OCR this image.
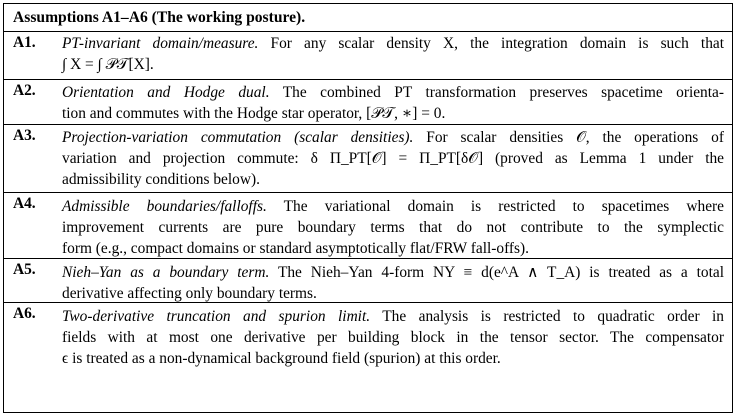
Assumptions A1–A6 (The working posture).
A1. PT-invariant domain/measure. For any scalar density X, the integration domain is such that
∫ X = ∫ 𝒫𝒯[X].
A2. Orientation and Hodge dual. The combined PT transformation preserves spacetime orienta-
tion and commutes with the Hodge star operator, [𝒫𝒯, ∗] = 0.
A3. Projection-variation commutation (scalar densities). For scalar densities 𝒪, the operations of
variation and projection commute: δ Π_PT[𝒪] = Π_PT[δ𝒪] (proved as Lemma 1 under the
admissibility conditions below).
A4. Admissible boundaries/falloffs. The variational domain is restricted to spacetimes where
improvement currents are pure boundary terms that do not contribute to the symplectic
form (e.g., compact domains or standard asymptotically flat/FRW fall-offs).
A5. Nieh–Yan as a boundary term. The Nieh–Yan 4-form NY ≡ d(e^A ∧ T_A) is treated as a total
derivative affecting only boundary terms.
A6. Two-derivative truncation and spurion limit. The analysis is restricted to quadratic order in
fields with at most one derivative per building block in the tensor sector. The compensator
ϵ is treated as a non-dynamical background field (spurion) at this order.
